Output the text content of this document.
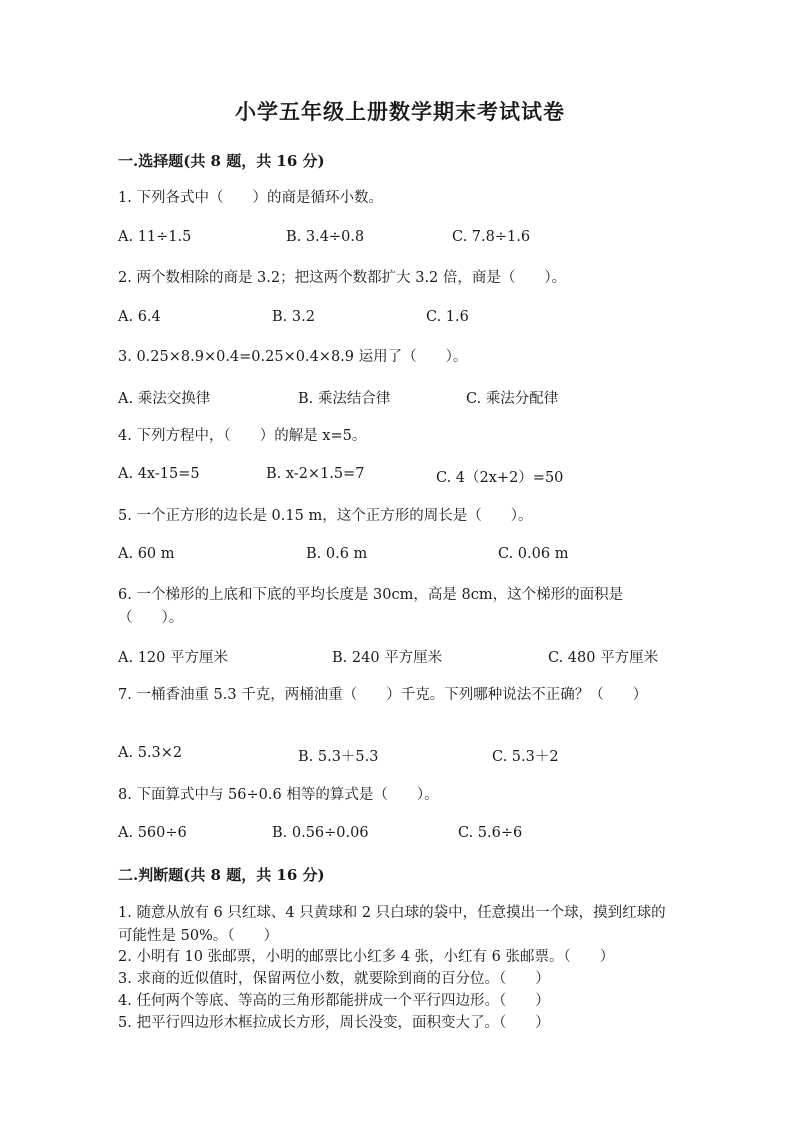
小学五年级上册数学期末考试试卷
一.选择题(共 8 题，共 16 分)
1. 下列各式中（　　）的商是循环小数。
A. 11÷1.5	B. 3.4÷0.8	C. 7.8÷1.6
2. 两个数相除的商是 3.2；把这两个数都扩大 3.2 倍，商是（　　）。
A. 6.4	B. 3.2	C. 1.6
3. 0.25×8.9×0.4=0.25×0.4×8.9 运用了（　　）。
A. 乘法交换律	B. 乘法结合律	C. 乘法分配律
4. 下列方程中，（　　）的解是 x=5。
A. 4x-15=5	B. x-2×1.5=7	C. 4（2x+2）=50
5. 一个正方形的边长是 0.15 m，这个正方形的周长是（　　）。
A. 60 m	B. 0.6 m	C. 0.06 m
6. 一个梯形的上底和下底的平均长度是 30cm，高是 8cm，这个梯形的面积是（　　）。
A. 120 平方厘米	B. 240 平方厘米	C. 480 平方厘米
7. 一桶香油重 5.3 千克，两桶油重（　　）千克。下列哪种说法不正确？（　　）
A. 5.3×2	B. 5.3＋5.3	C. 5.3＋2
8. 下面算式中与 56÷0.6 相等的算式是（　　）。
A. 560÷6	B. 0.56÷0.06	C. 5.6÷6
二.判断题(共 8 题，共 16 分)
1. 随意从放有 6 只红球、4 只黄球和 2 只白球的袋中，任意摸出一个球，摸到红球的可能性是 50%。（　　）
2. 小明有 10 张邮票，小明的邮票比小红多 4 张，小红有 6 张邮票。（　　）
3. 求商的近似值时，保留两位小数，就要除到商的百分位。（　　）
4. 任何两个等底、等高的三角形都能拼成一个平行四边形。（　　）
5. 把平行四边形木框拉成长方形，周长没变，面积变大了。（　　）
